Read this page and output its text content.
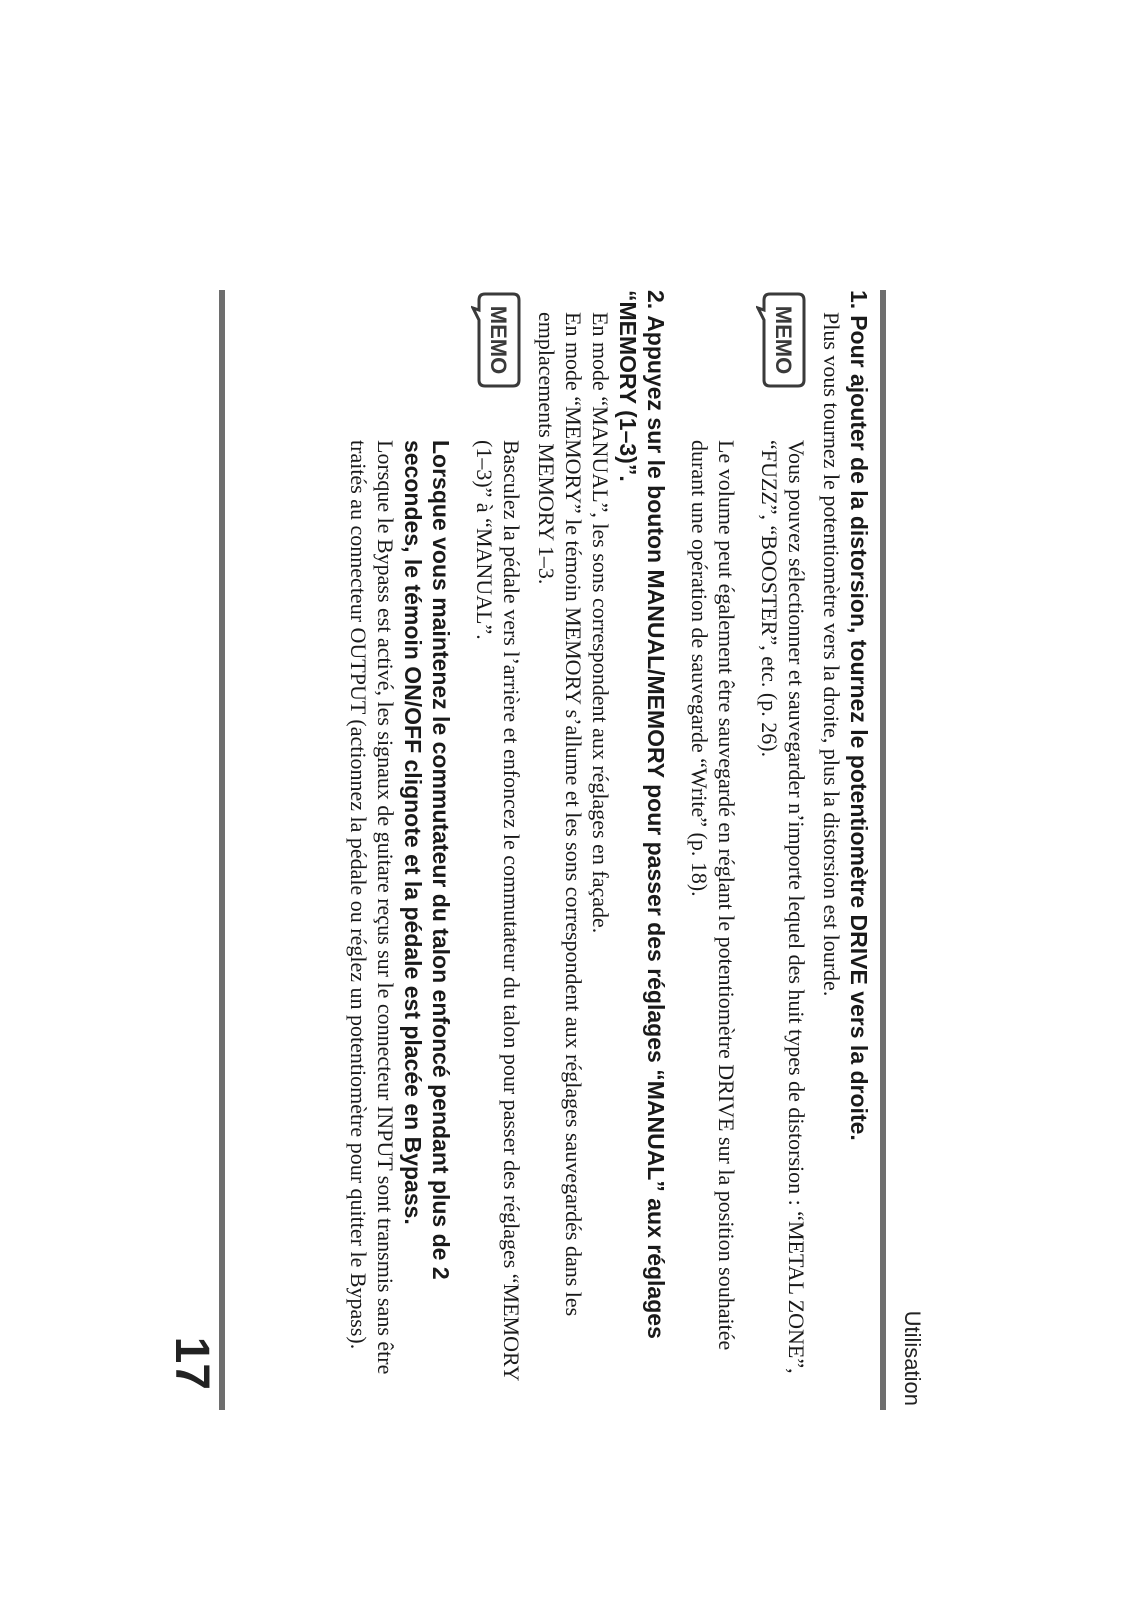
Utilisation

1.Pour ajouter de la distorsion, tournez le potentiomètre DRIVE vers la droite.

Plus vous tournez le potentiomètre vers la droite, plus la distorsion est lourde.

MEMO

Vous pouvez sélectionner et sauvegarder n’importe lequel des huit types de distorsion : “METAL ZONE”, “FUZZ”, “BOOSTER”, etc. (p. 26).

Le volume peut également être sauvegardé en réglant le potentiomètre DRIVE sur la position souhaitée durant une opération de sauvegarde “Write” (p. 18).

2.Appuyez sur le bouton MANUAL/MEMORY pour passer des réglages “MANUAL” aux réglages “MEMORY (1–3)”.

En mode “MANUAL”, les sons correspondent aux réglages en façade.

En mode “MEMORY” le témoin MEMORY s’allume et les sons correspondent aux réglages sauvegardés dans les emplacements MEMORY 1–3.

MEMO

Basculez la pédale vers l’arrière et enfoncez le commutateur du talon pour passer des réglages “MEMORY (1–3)” à “MANUAL”.

Lorsque vous maintenez le commutateur du talon enfoncé pendant plus de 2 secondes, le témoin ON/OFF clignote et la pédale est placée en Bypass.

Lorsque le Bypass est activé, les signaux de guitare reçus sur le connecteur INPUT sont transmis sans être traités au connecteur OUTPUT (actionnez la pédale ou réglez un potentiomètre pour quitter le Bypass).

17
